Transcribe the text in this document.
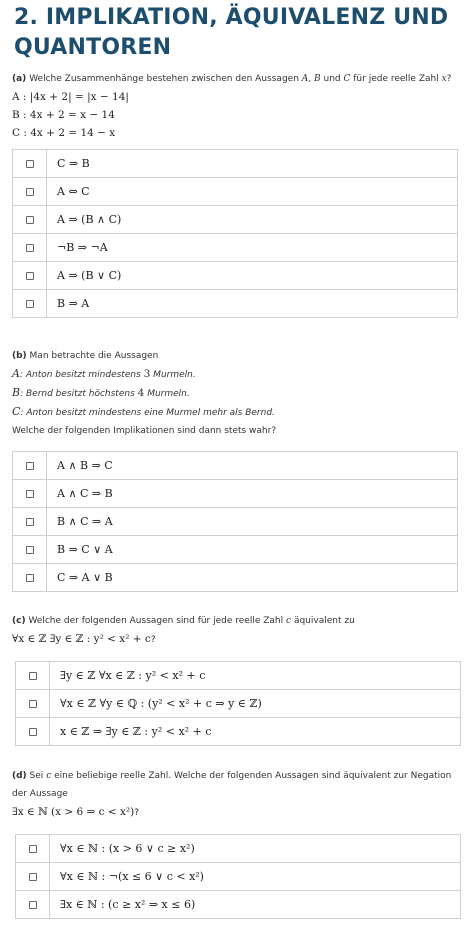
2. IMPLIKATION, ÄQUIVALENZ UND QUANTOREN
(a) Welche Zusammenhänge bestehen zwischen den Aussagen A, B und C für jede reelle Zahl x?
A : |4x + 2| = |x − 14|
B : 4x + 2 = x − 14
C : 4x + 2 = 14 − x
	C ⇒ B
	A ⇔ C
	A ⇒ (B ∧ C)
	¬B ⇒ ¬A
	A ⇒ (B ∨ C)
	B ⇒ A
(b) Man betrachte die Aussagen
A: Anton besitzt mindestens 3 Murmeln.
B: Bernd besitzt höchstens 4 Murmeln.
C: Anton besitzt mindestens eine Murmel mehr als Bernd.
Welche der folgenden Implikationen sind dann stets wahr?
	A ∧ B ⇒ C
	A ∧ C ⇒ B
	B ∧ C ⇒ A
	B ⇒ C ∨ A
	C ⇒ A ∨ B
(c) Welche der folgenden Aussagen sind für jede reelle Zahl c äquivalent zu
∀x ∈ ℤ ∃y ∈ ℤ : y² < x² + c?
	∃y ∈ ℤ ∀x ∈ ℤ : y² < x² + c
	∀x ∈ ℤ ∀y ∈ ℚ : (y² < x² + c ⇒ y ∈ ℤ)
	x ∈ ℤ ⇒ ∃y ∈ ℤ : y² < x² + c
(d) Sei c eine beliebige reelle Zahl. Welche der folgenden Aussagen sind äquivalent zur Negation der Aussage
∃x ∈ ℕ (x > 6 ⇒ c < x²)?
	∀x ∈ ℕ : (x > 6 ∨ c ≥ x²)
	∀x ∈ ℕ : ¬(x ≤ 6 ∨ c < x²)
	∃x ∈ ℕ : (c ≥ x² ⇒ x ≤ 6)
